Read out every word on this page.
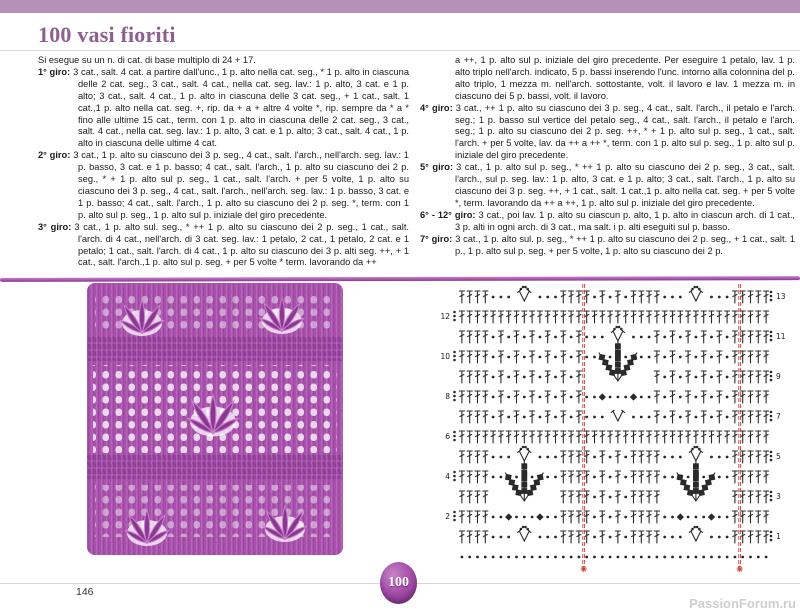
100 vasi fioriti

Si esegue su un n. di cat. di base multiplo di 24 + 17.

1° giro: 3 cat., salt. 4 cat. a partire dall'unc., 1 p. alto nella cat. seg., * 1 p. alto in ciascuna delle 2 cat. seg., 3 cat., salt. 4 cat., nella cat. seg. lav.: 1 p. alto, 3 cat. e 1 p. alto; 3 cat., salt. 4 cat., 1 p. alto in ciascuna delle 3 cat. seg., + 1 cat., salt. 1 cat.,1 p. alto nella cat. seg. +, rip. da + a + altre 4 volte *, rip. sempre da * a * fino alle ultime 15 cat., term. con 1 p. alto in ciascuna delle 2 cat. seg., 3 cat., salt. 4 cat., nella cat. seg. lav.: 1 p. alto, 3 cat. e 1 p. alto; 3 cat., salt. 4 cat., 1 p. alto in ciascuna delle ultime 4 cat.

2° giro: 3 cat., 1 p. alto su ciascuno dei 3 p. seg., 4 cat., salt. l'arch., nell'arch. seg. lav.: 1 p. basso, 3 cat. e 1 p. basso; 4 cat., salt. l'arch., 1 p. alto su ciascuno dei 2 p. seg., * + 1 p. alto sul p. seg., 1 cat., salt. l'arch. + per 5 volte, 1 p. alto su ciascuno dei 3 p. seg., 4 cat., salt. l'arch., nell'arch. seg. lav.: 1 p. basso, 3 cat. e 1 p. basso; 4 cat., salt. l'arch., 1 p. alto su ciascuno dei 2 p. seg. *, term. con 1 p. alto sul p. seg., 1 p. alto sul p. iniziale del giro precedente.

3° giro: 3 cat., 1 p. alto sul. seg., * ++ 1 p. alto su ciascuno dei 2 p. seg., 1 cat., salt. l'arch. di 4 cat., nell'arch. di 3 cat. seg. lav.: 1 petalo, 2 cat., 1 petalo, 2 cat. e 1 petalo; 1 cat., salt. l'arch. di 4 cat., 1 p. alto su ciascuno dei 3 p. alti seg. ++, + 1 cat., salt. l'arch.,1 p. alto sul p. seg. + per 5 volte * term. lavorando da ++

a ++, 1 p. alto sul p. iniziale del giro precedente. Per eseguire 1 petalo, lav. 1 p. alto triplo nell'arch. indicato, 5 p. bassi inserendo l'unc. intorno alla colonnina del p. alto triplo, 1 mezza m. nell'arch. sottostante, volt. il lavoro e lav. 1 mezza m. in ciascuno dei 5 p. bassi, volt. il lavoro.

4° giro: 3 cat., ++ 1 p. alto su ciascuno dei 3 p. seg., 4 cat., salt. l'arch., il petalo e l'arch. seg.; 1 p. basso sul vertice del petalo seg., 4 cat., salt. l'arch., il petalo e l'arch. seg.; 1 p. alto su ciascuno dei 2 p. seg. ++, * + 1 p. alto sul p. seg., 1 cat., salt. l'arch. + per 5 volte, lav. da ++ a ++ *, term. con 1 p. alto sul p. seg., 1 p. alto sul p. iniziale del giro precedente.

5° giro: 3 cat., 1 p. alto sul p. seg., * ++ 1 p. alto su ciascuno dei 2 p. seg., 3 cat., salt. l'arch., sul p. seg. lav.: 1 p. alto, 3 cat. e 1 p. alto; 3 cat., salt. l'arch., 1 p. alto su ciascuno dei 3 p. seg. ++, + 1 cat., salt. 1 cat.,1 p. alto nella cat. seg. + per 5 volte *, term. lavorando da ++ a ++, 1 p. alto sul p. iniziale del giro precedente.

6° - 12° giro: 3 cat., poi lav. 1 p. alto su ciascun p. alto, 1 p. alto in ciascun arch. di 1 cat., 3 p. alti in ogni arch. di 3 cat., ma salt. i p. alti eseguiti sul p. basso.

7° giro: 3 cat., 1 p. alto sul. p. seg., * ++ 1 p. alto su ciascuno dei 2 p. seg., + 1 cat., salt. 1 p., 1 p. alto sul p. seg. + per 5 volte, 1 p. alto su ciascuno dei 2 p.

13
12
11
10
9
8
7
6
5
4
3
2
1
146
100
PassionForum.ru
